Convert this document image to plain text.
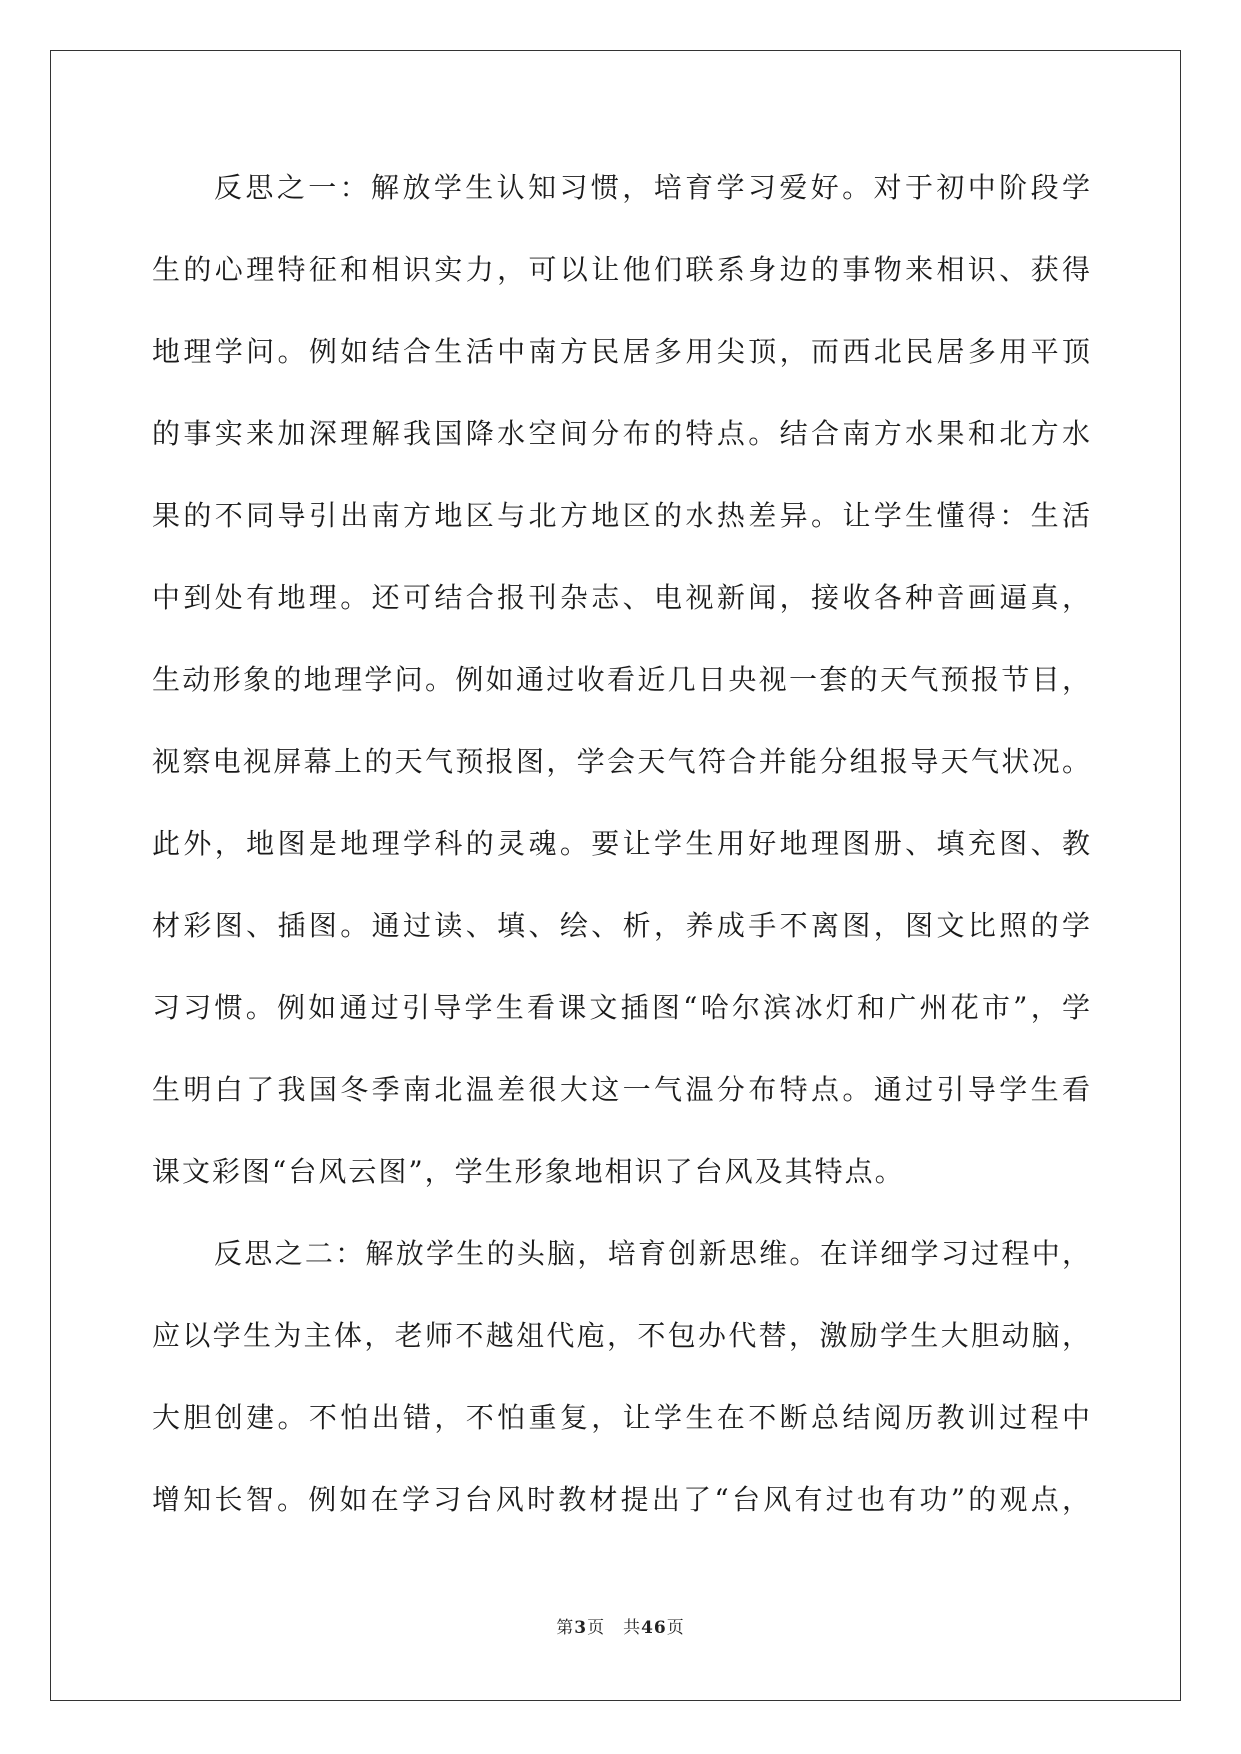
反思之一：解放学生认知习惯，培育学习爱好。对于初中阶段学
生的心理特征和相识实力，可以让他们联系身边的事物来相识、获得
地理学问。例如结合生活中南方民居多用尖顶，而西北民居多用平顶
的事实来加深理解我国降水空间分布的特点。结合南方水果和北方水
果的不同导引出南方地区与北方地区的水热差异。让学生懂得：生活
中到处有地理。还可结合报刊杂志、电视新闻，接收各种音画逼真，
生动形象的地理学问。例如通过收看近几日央视一套的天气预报节目，
视察电视屏幕上的天气预报图，学会天气符合并能分组报导天气状况。
此外，地图是地理学科的灵魂。要让学生用好地理图册、填充图、教
材彩图、插图。通过读、填、绘、析，养成手不离图，图文比照的学
习习惯。例如通过引导学生看课文插图“哈尔滨冰灯和广州花市”，学
生明白了我国冬季南北温差很大这一气温分布特点。通过引导学生看
课文彩图“台风云图”，学生形象地相识了台风及其特点。
反思之二：解放学生的头脑，培育创新思维。在详细学习过程中，
应以学生为主体，老师不越俎代庖，不包办代替，激励学生大胆动脑，
大胆创建。不怕出错，不怕重复，让学生在不断总结阅历教训过程中
增知长智。例如在学习台风时教材提出了“台风有过也有功”的观点，
第3页 共46页
